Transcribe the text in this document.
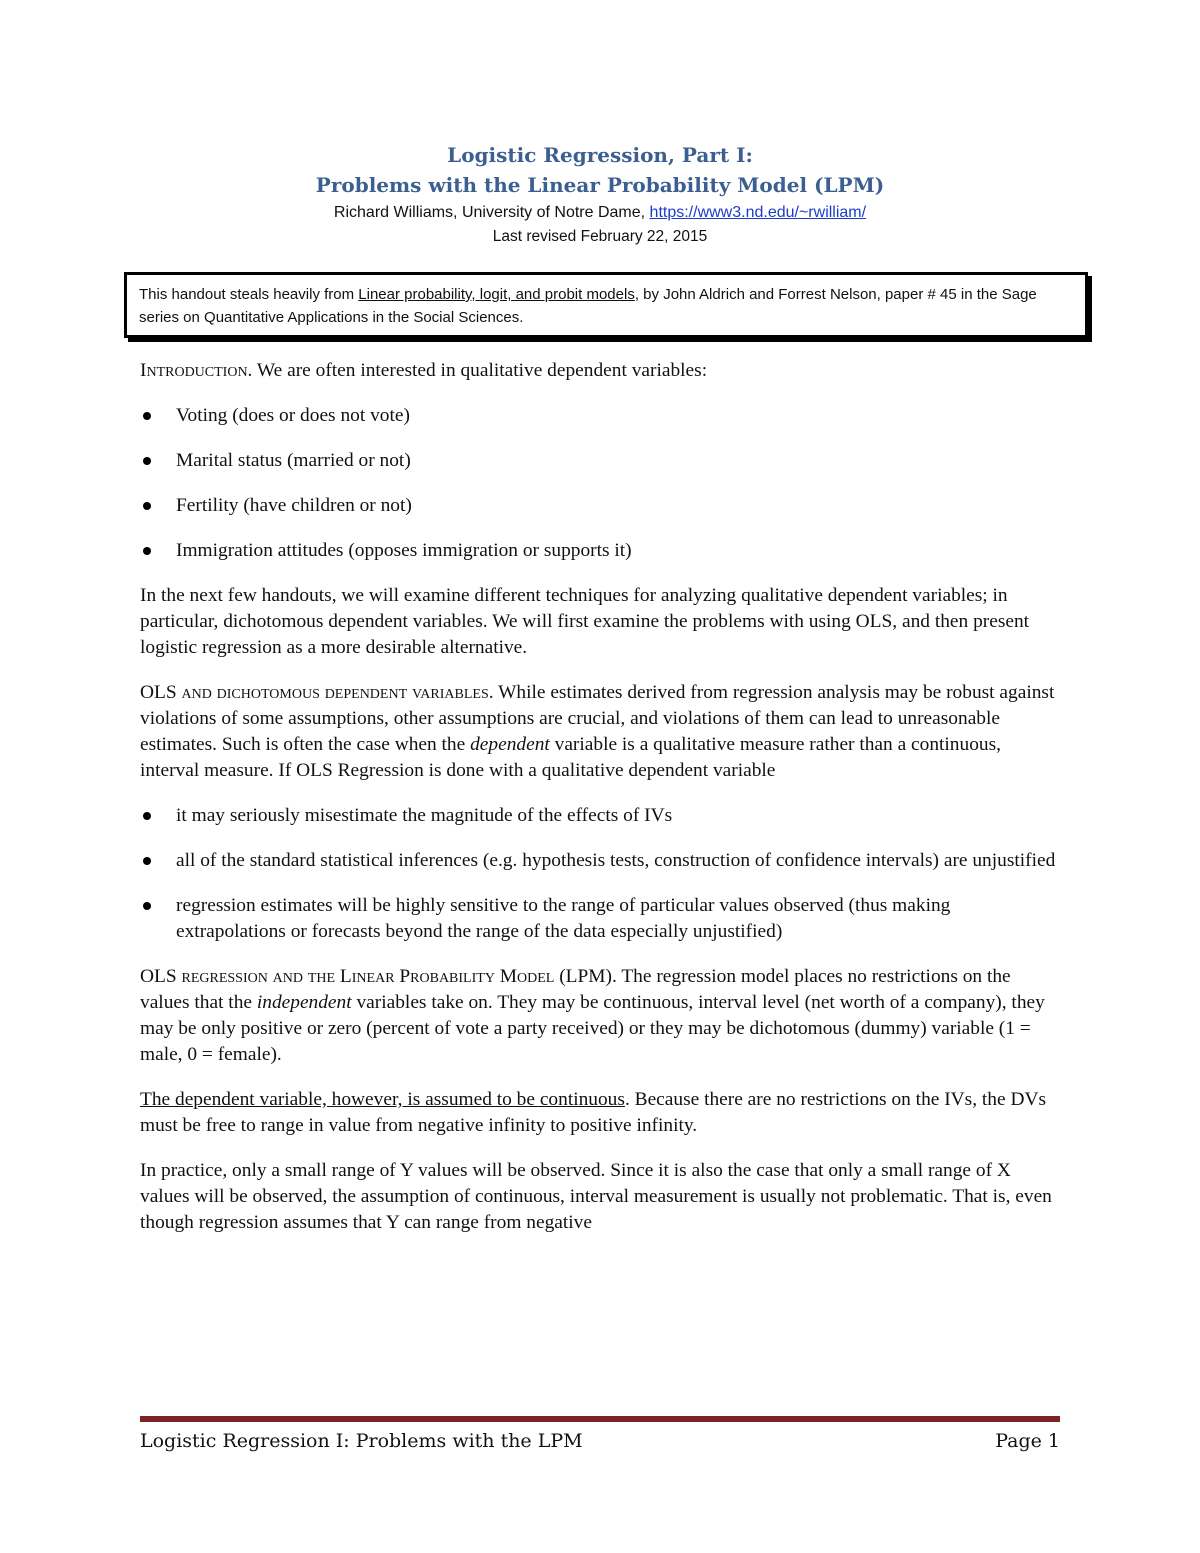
Logistic Regression, Part I:
Problems with the Linear Probability Model (LPM)
Richard Williams, University of Notre Dame, https://www3.nd.edu/~rwilliam/
Last revised February 22, 2015
This handout steals heavily from Linear probability, logit, and probit models, by John Aldrich and Forrest Nelson, paper # 45 in the Sage series on Quantitative Applications in the Social Sciences.

Introduction. We are often interested in qualitative dependent variables:

Voting (does or does not vote)
Marital status (married or not)
Fertility (have children or not)
Immigration attitudes (opposes immigration or supports it)

In the next few handouts, we will examine different techniques for analyzing qualitative dependent variables; in particular, dichotomous dependent variables. We will first examine the problems with using OLS, and then present logistic regression as a more desirable alternative.

OLS and dichotomous dependent variables. While estimates derived from regression analysis may be robust against violations of some assumptions, other assumptions are crucial, and violations of them can lead to unreasonable estimates. Such is often the case when the dependent variable is a qualitative measure rather than a continuous, interval measure. If OLS Regression is done with a qualitative dependent variable

it may seriously misestimate the magnitude of the effects of IVs
all of the standard statistical inferences (e.g. hypothesis tests, construction of confidence intervals) are unjustified
regression estimates will be highly sensitive to the range of particular values observed (thus making extrapolations or forecasts beyond the range of the data especially unjustified)

OLS regression and the Linear Probability Model (LPM). The regression model places no restrictions on the values that the independent variables take on. They may be continuous, interval level (net worth of a company), they may be only positive or zero (percent of vote a party received) or they may be dichotomous (dummy) variable (1 = male, 0 = female).

The dependent variable, however, is assumed to be continuous. Because there are no restrictions on the IVs, the DVs must be free to range in value from negative infinity to positive infinity.

In practice, only a small range of Y values will be observed. Since it is also the case that only a small range of X values will be observed, the assumption of continuous, interval measurement is usually not problematic. That is, even though regression assumes that Y can range from negative

Logistic Regression I: Problems with the LPM	Page 1
